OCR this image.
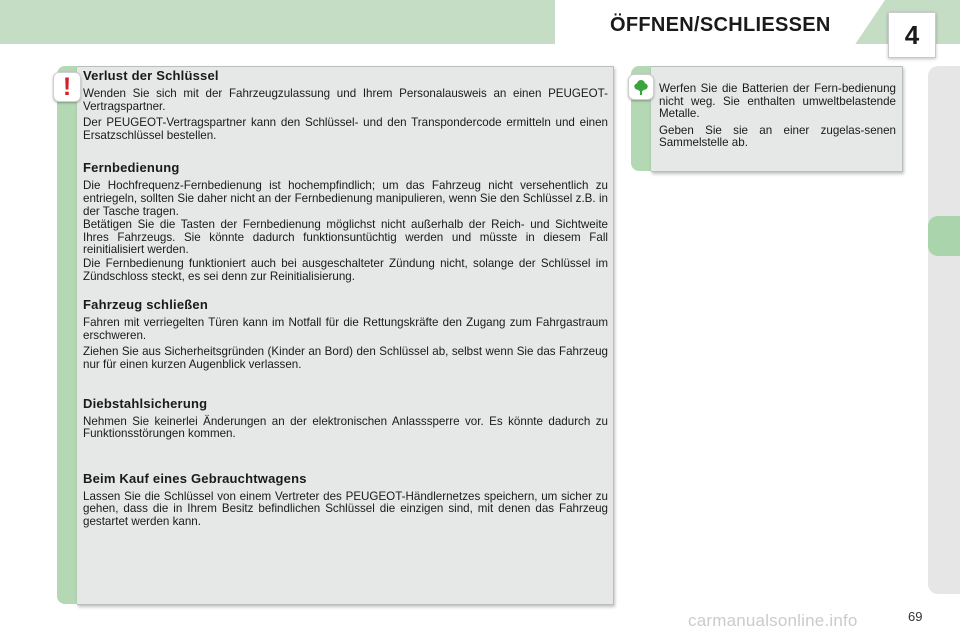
ÖFFNEN/SCHLIESSEN	4
! Verlust der Schlüssel

Wenden Sie sich mit der Fahrzeugzulassung und Ihrem Personalausweis an einen PEUGEOT-Vertragspartner.

Der PEUGEOT-Vertragspartner kann den Schlüssel- und den Transpondercode ermitteln und einen Ersatzschlüssel bestellen.

Fernbedienung

Die Hochfrequenz-Fernbedienung ist hochempfindlich; um das Fahrzeug nicht versehentlich zu entriegeln, sollten Sie daher nicht an der Fernbedienung manipulieren, wenn Sie den Schlüssel z.B. in der Tasche tragen.

Betätigen Sie die Tasten der Fernbedienung möglichst nicht außerhalb der Reich- und Sichtweite Ihres Fahrzeugs. Sie könnte dadurch funktionsuntüchtig werden und müsste in diesem Fall reinitialisiert werden.

Die Fernbedienung funktioniert auch bei ausgeschalteter Zündung nicht, solange der Schlüssel im Zündschloss steckt, es sei denn zur Reinitialisierung.

Fahrzeug schließen

Fahren mit verriegelten Türen kann im Notfall für die Rettungskräfte den Zugang zum Fahrgastraum erschweren.

Ziehen Sie aus Sicherheitsgründen (Kinder an Bord) den Schlüssel ab, selbst wenn Sie das Fahrzeug nur für einen kurzen Augenblick verlassen.

Diebstahlsicherung

Nehmen Sie keinerlei Änderungen an der elektronischen Anlasssperre vor. Es könnte dadurch zu Funktionsstörungen kommen.

Beim Kauf eines Gebrauchtwagens

Lassen Sie die Schlüssel von einem Vertreter des PEUGEOT-Händlernetzes speichern, um sicher zu gehen, dass die in Ihrem Besitz befindlichen Schlüssel die einzigen sind, mit denen das Fahrzeug gestartet werden kann.

Werfen Sie die Batterien der Fern-bedienung nicht weg. Sie enthalten umweltbelastende Metalle.

Geben Sie sie an einer zugelas-senen Sammelstelle ab.

carmanualsonline.info	69
